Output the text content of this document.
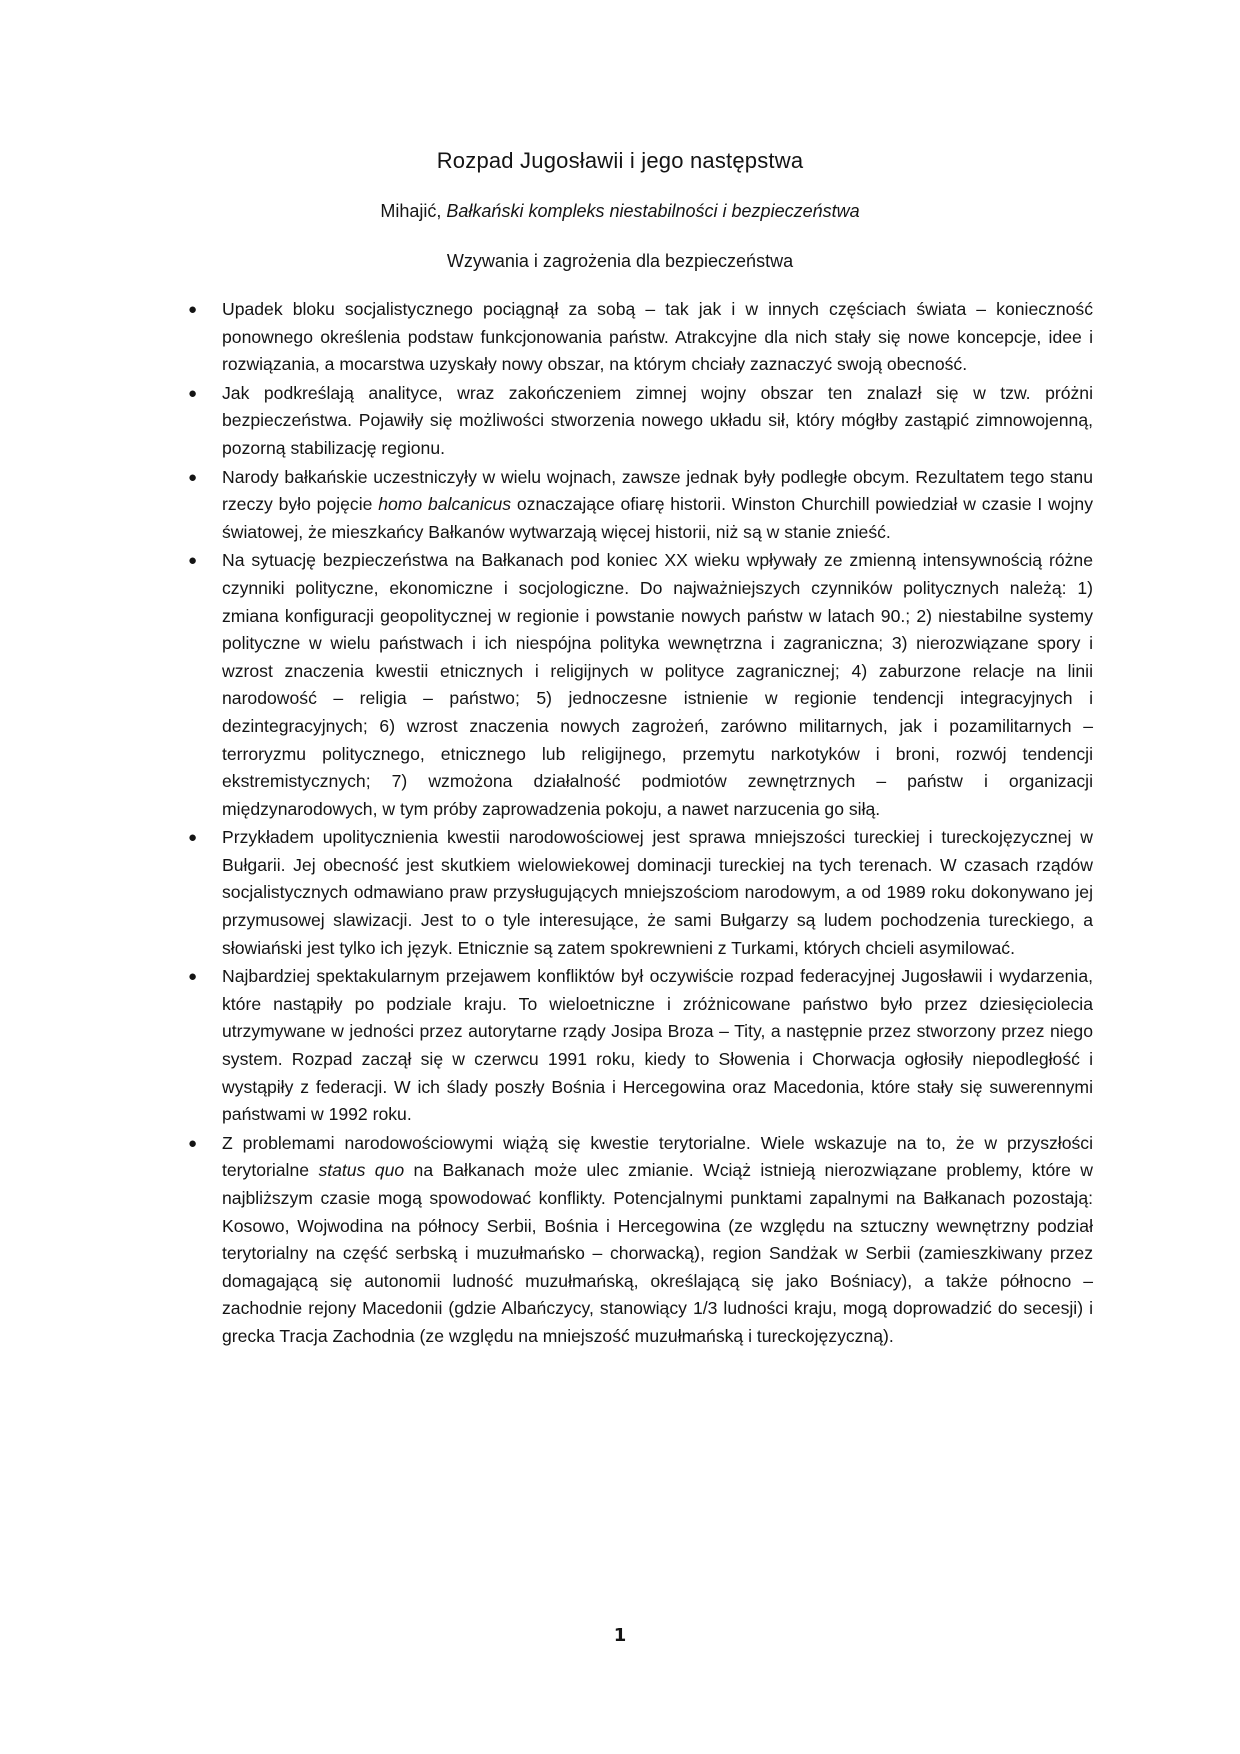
Rozpad Jugosławii i jego następstwa
Mihajić, Bałkański kompleks niestabilności i bezpieczeństwa
Wzywania i zagrożenia dla bezpieczeństwa
● Upadek bloku socjalistycznego pociągnął za sobą – tak jak i w innych częściach świata – konieczność ponownego określenia podstaw funkcjonowania państw. Atrakcyjne dla nich stały się nowe koncepcje, idee i rozwiązania, a mocarstwa uzyskały nowy obszar, na którym chciały zaznaczyć swoją obecność.
● Jak podkreślają analityce, wraz zakończeniem zimnej wojny obszar ten znalazł się w tzw. próżni bezpieczeństwa. Pojawiły się możliwości stworzenia nowego układu sił, który mógłby zastąpić zimnowojenną, pozorną stabilizację regionu.
● Narody bałkańskie uczestniczyły w wielu wojnach, zawsze jednak były podległe obcym. Rezultatem tego stanu rzeczy było pojęcie homo balcanicus oznaczające ofiarę historii. Winston Churchill powiedział w czasie I wojny światowej, że mieszkańcy Bałkanów wytwarzają więcej historii, niż są w stanie znieść.
● Na sytuację bezpieczeństwa na Bałkanach pod koniec XX wieku wpływały ze zmienną intensywnością różne czynniki polityczne, ekonomiczne i socjologiczne. Do najważniejszych czynników politycznych należą: 1) zmiana konfiguracji geopolitycznej w regionie i powstanie nowych państw w latach 90.; 2) niestabilne systemy polityczne w wielu państwach i ich niespójna polityka wewnętrzna i zagraniczna; 3) nierozwiązane spory i wzrost znaczenia kwestii etnicznych i religijnych w polityce zagranicznej; 4) zaburzone relacje na linii narodowość – religia – państwo; 5) jednoczesne istnienie w regionie tendencji integracyjnych i dezintegracyjnych; 6) wzrost znaczenia nowych zagrożeń, zarówno militarnych, jak i pozamilitarnych – terroryzmu politycznego, etnicznego lub religijnego, przemytu narkotyków i broni, rozwój tendencji ekstremistycznych; 7) wzmożona działalność podmiotów zewnętrznych – państw i organizacji międzynarodowych, w tym próby zaprowadzenia pokoju, a nawet narzucenia go siłą.
● Przykładem upolitycznienia kwestii narodowościowej jest sprawa mniejszości tureckiej i tureckojęzycznej w Bułgarii. Jej obecność jest skutkiem wielowiekowej dominacji tureckiej na tych terenach. W czasach rządów socjalistycznych odmawiano praw przysługujących mniejszościom narodowym, a od 1989 roku dokonywano jej przymusowej slawizacji. Jest to o tyle interesujące, że sami Bułgarzy są ludem pochodzenia tureckiego, a słowiański jest tylko ich język. Etnicznie są zatem spokrewnieni z Turkami, których chcieli asymilować.
● Najbardziej spektakularnym przejawem konfliktów był oczywiście rozpad federacyjnej Jugosławii i wydarzenia, które nastąpiły po podziale kraju. To wieloetniczne i zróżnicowane państwo było przez dziesięciolecia utrzymywane w jedności przez autorytarne rządy Josipa Broza – Tity, a następnie przez stworzony przez niego system. Rozpad zaczął się w czerwcu 1991 roku, kiedy to Słowenia i Chorwacja ogłosiły niepodległość i wystąpiły z federacji. W ich ślady poszły Bośnia i Hercegowina oraz Macedonia, które stały się suwerennymi państwami w 1992 roku.
● Z problemami narodowościowymi wiążą się kwestie terytorialne. Wiele wskazuje na to, że w przyszłości terytorialne status quo na Bałkanach może ulec zmianie. Wciąż istnieją nierozwiązane problemy, które w najbliższym czasie mogą spowodować konflikty. Potencjalnymi punktami zapalnymi na Bałkanach pozostają: Kosowo, Wojwodina na północy Serbii, Bośnia i Hercegowina (ze względu na sztuczny wewnętrzny podział terytorialny na część serbską i muzułmańsko – chorwacką), region Sandżak w Serbii (zamieszkiwany przez domagającą się autonomii ludność muzułmańską, określającą się jako Bośniacy), a także północno – zachodnie rejony Macedonii (gdzie Albańczycy, stanowiący 1/3 ludności kraju, mogą doprowadzić do secesji) i grecka Tracja Zachodnia (ze względu na mniejszość muzułmańską i tureckojęzyczną).
1
